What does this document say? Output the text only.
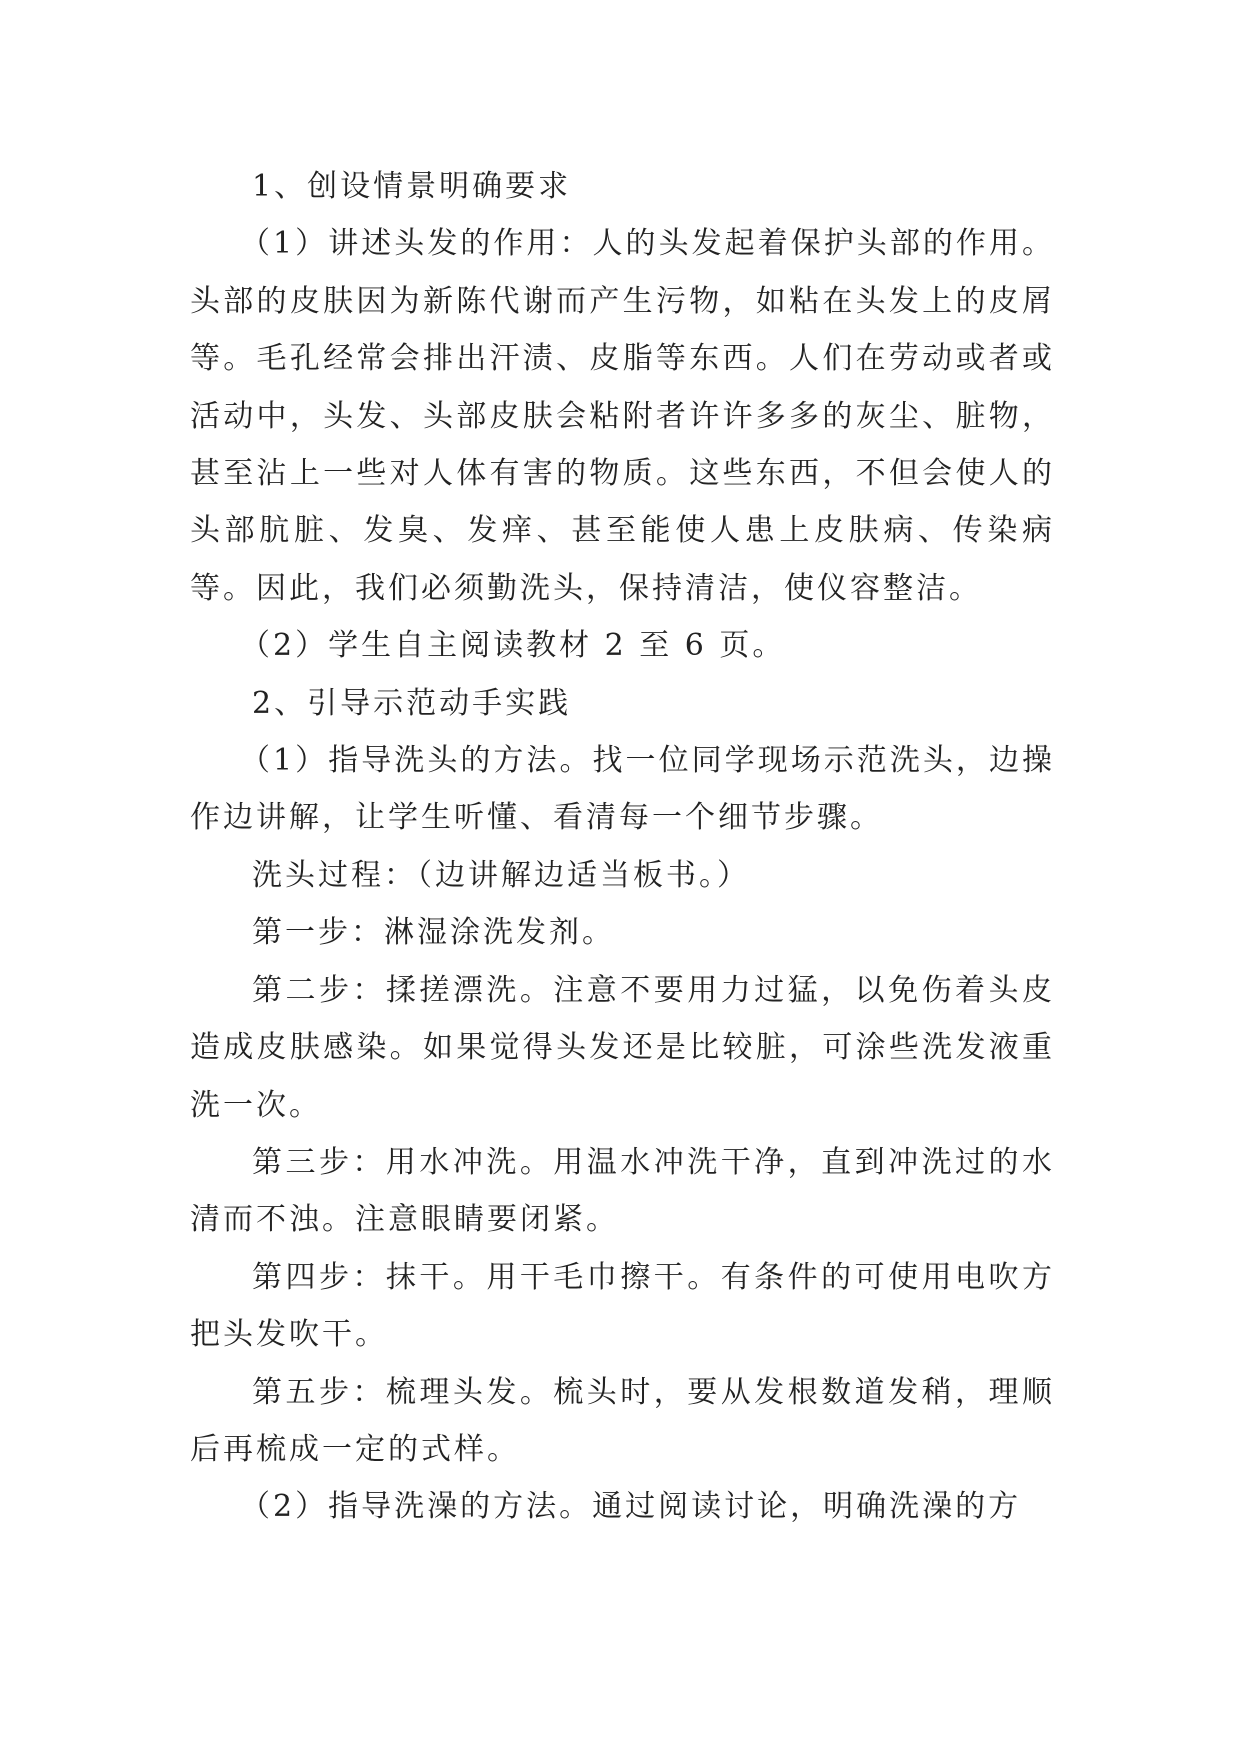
1、创设情景明确要求

（1）讲述头发的作用：人的头发起着保护头部的作用。头部的皮肤因为新陈代谢而产生污物，如粘在头发上的皮屑等。毛孔经常会排出汗渍、皮脂等东西。人们在劳动或者或活动中，头发、头部皮肤会粘附者许许多多的灰尘、脏物，甚至沾上一些对人体有害的物质。这些东西，不但会使人的头部肮脏、发臭、发痒、甚至能使人患上皮肤病、传染病等。因此，我们必须勤洗头，保持清洁，使仪容整洁。

（2）学生自主阅读教材 2 至 6 页。

2、引导示范动手实践

（1）指导洗头的方法。找一位同学现场示范洗头，边操作边讲解，让学生听懂、看清每一个细节步骤。

洗头过程：（边讲解边适当板书。）

第一步：淋湿涂洗发剂。

第二步：揉搓漂洗。注意不要用力过猛，以免伤着头皮造成皮肤感染。如果觉得头发还是比较脏，可涂些洗发液重洗一次。

第三步：用水冲洗。用温水冲洗干净，直到冲洗过的水清而不浊。注意眼睛要闭紧。

第四步：抹干。用干毛巾擦干。有条件的可使用电吹方把头发吹干。

第五步：梳理头发。梳头时，要从发根数道发稍，理顺后再梳成一定的式样。

（2）指导洗澡的方法。通过阅读讨论，明确洗澡的方
